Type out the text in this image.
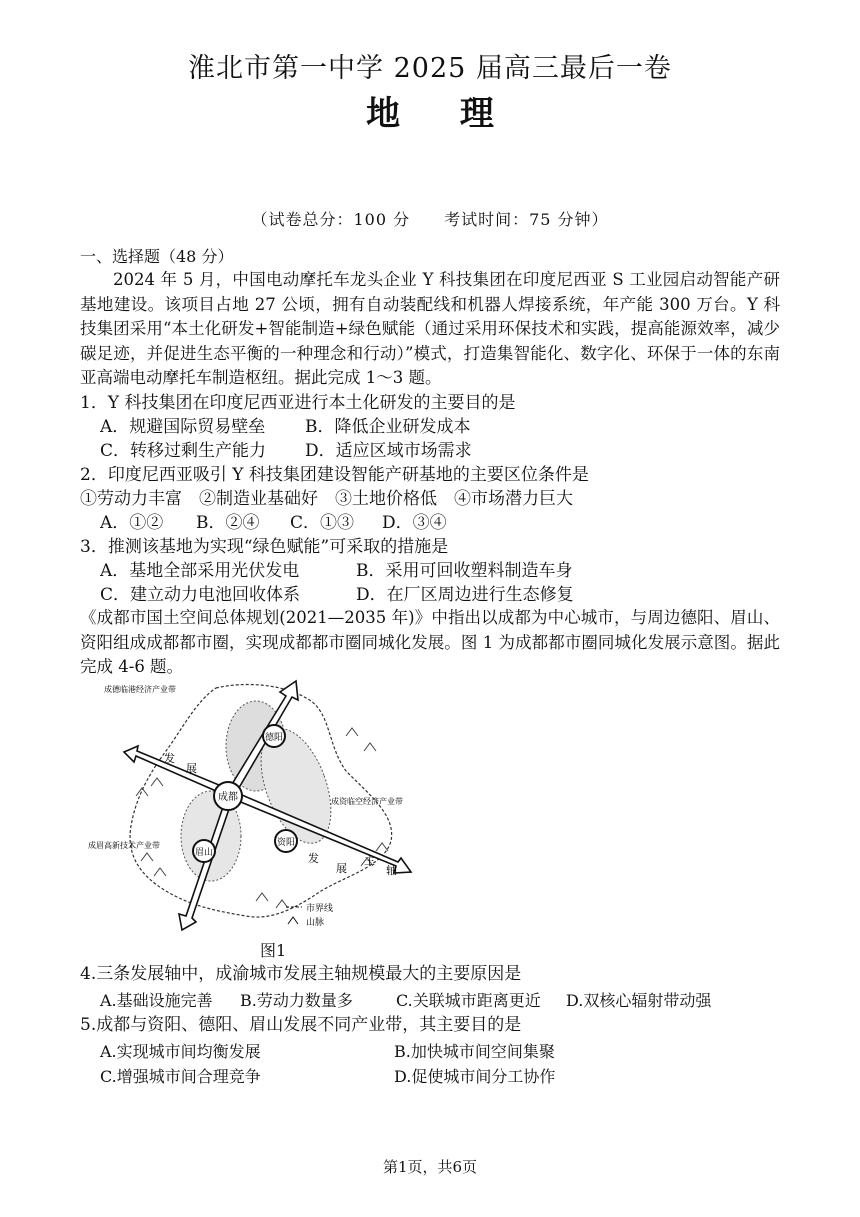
淮北市第一中学 2025 届高三最后一卷
地 理
（试卷总分：100 分　　考试时间：75 分钟）
一、选择题（48 分）
2024 年 5 月，中国电动摩托车龙头企业 Y 科技集团在印度尼西亚 S 工业园启动智能产研基地建设。该项目占地 27 公顷，拥有自动装配线和机器人焊接系统，年产能 300 万台。Y 科技集团采用“本土化研发+智能制造+绿色赋能（通过采用环保技术和实践，提高能源效率，减少碳足迹，并促进生态平衡的一种理念和行动）”模式，打造集智能化、数字化、环保于一体的东南亚高端电动摩托车制造枢纽。据此完成 1～3 题。
1．Y 科技集团在印度尼西亚进行本土化研发的主要目的是
A．规避国际贸易壁垒 B．降低企业研发成本
C．转移过剩生产能力 D．适应区域市场需求
2．印度尼西亚吸引 Y 科技集团建设智能产研基地的主要区位条件是
①劳动力丰富　②制造业基础好　③土地价格低　④市场潜力巨大
A．①② B．②④ C．①③ D．③④
3．推测该基地为实现“绿色赋能”可采取的措施是
A．基地全部采用光伏发电	B．采用可回收塑料制造车身
C．建立动力电池回收体系	D．在厂区周边进行生态修复
《成都市国土空间总体规划(2021—2035 年)》中指出以成都为中心城市，与周边德阳、眉山、资阳组成成都都市圈，实现成都都市圈同城化发展。图 1 为成都都市圈同城化发展示意图。据此完成 4-6 题。
成都
德阳
眉山
资阳
成德临港经济产业带
成资临空经济产业带
成眉高新技术产业带
发
展
主
轴
发
展
市界线
山脉
图1
4.三条发展轴中，成渝城市发展主轴规模最大的主要原因是
A.基础设施完善 B.劳动力数量多	C.关联城市距离更近 D.双核心辐射带动强
5.成都与资阳、德阳、眉山发展不同产业带，其主要目的是
A.实现城市间均衡发展	B.加快城市间空间集聚
C.增强城市间合理竞争	D.促使城市间分工协作
第1页，共6页
